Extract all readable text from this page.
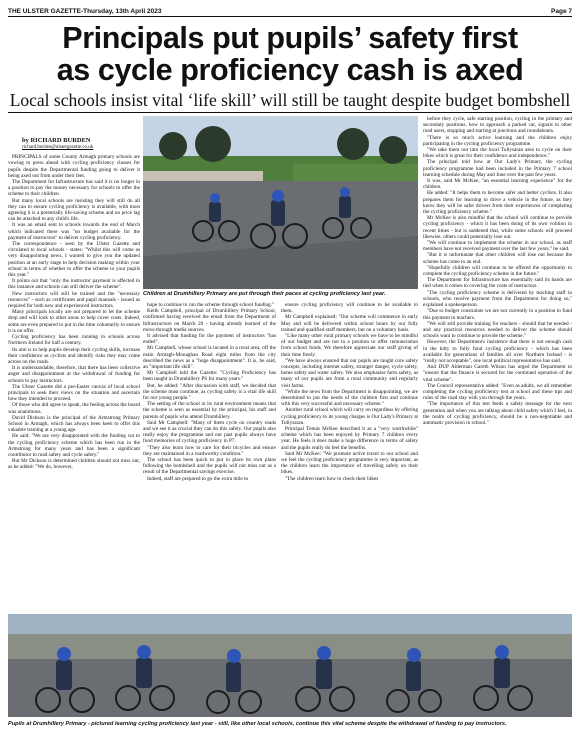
THE ULSTER GAZETTE-Thursday, 13th April 2023	Page 7
Principals put pupils’ safety first
as cycle proficiency cash is axed
Local schools insist vital ‘life skill’ will still be taught despite budget bombshell

by RICHARD BURDEN

richard.burden@ulstergazette.co.uk

PRINCIPALS of some County Armagh primary schools are vowing to press ahead with cycling proficiency classes for pupils despite the Departmental funding going to deliver it being axed out from under their feet.

The Department for Infrastructure has said it is no longer in a position to pay the money necessary for schools to offer the scheme to their children.

But many local schools are insisting they will still do all they can to ensure cycling proficiency is available, with most agreeing it is a potentially life-saving scheme and no price tag can be attached to any child's life.

It was an email sent to schools towards the end of March which indicated there was "no budget available for the payment of instructors" to deliver cycling proficiency.

The correspondence - seen by the Ulster Gazette and circulated to local schools - states: "Whilst this will come as very disappointing news, I wanted to give you the updated position at an early stage to help decision making within your school in terms of whether to offer the scheme to your pupils this year."

It points out that "only the instructor payment is affected in this instance and schools can still deliver the scheme".

New instructors will still be trained and the "necessary resources" - such as certificates and pupil manuals - issued as required for both new and experienced instructors.

Many principals locally are not prepared to let the scheme drop and will look to other areas to help cover costs. Indeed, some are even prepared to put in the time voluntarily to ensure it is on offer.

Cycling proficiency has been running in schools across Northern Ireland for half a century.

Its aim is to help pupils develop their cycling skills, increase their confidence as cyclists and identify risks they may come across on the roads.

It is understandable, therefore, that there has been collective anger and disappointment at the withdrawal of funding for schools to pay instructors.

The Ulster Gazette did a pre-Easter canvas of local school principals to seek their views on the situation and ascertain how they intended to proceed.

Of those who did agree to speak, the feeling across the board was unanimous.

David Dickson is the principal of the Armstrong Primary School in Armagh, which has always been keen to offer this valuable training at a young age.

He said: "We are very disappointed with the funding cut to the cycling proficiency scheme which has been run in the Armstrong for many years and has been a significant contributor to road safety and cycle safety."

But Mr Dickson is determined children should not miss out, as he added: "We do, however,

Children at Drumhillery Primary are put through their paces at cycling proficiency last year.

hope to continue to run the scheme through school funding."

Keith Campbell, principal of Drumhillery Primary School, confirmed having received the email from the Department of Infrastructure on March 20 - having already learned of the move through media sources.

It advised that funding for the payment of instructors "has ended".

Mr Campbell, whose school is located in a rural area, off the main Armagh-Monaghan Road eight miles from the city described the news as a "huge disappointment". It is, he said, an "important life skill".

Mr Campbell told the Gazette: "Cycling Proficiency has been taught in Drumhillery PS for many years."

But, he added: "After discussion with staff, we decided that the scheme must continue, as cycling safety is a vital life skill for our young people."

The setting of the school in its rural environment means that the scheme is seen as essential by the principal, his staff and parents of pupils who attend Drumhillery.

Said Mr Campbell: "Many of them cycle on country roads and we see it as crucial they can do this safely. Our pupils also really enjoy the programme and our past pupils always have fond memories of cycling proficiency in P7.

"They also learn how to care for their bicycles and ensure they are maintained in a roadworthy condition."

The school has been quick to put in place its own plans following the bombshell and the pupils will not miss out as a result of the Departmental savings exercise.

Indeed, staff are prepared to go the extra mile to

ensure cycling proficiency will continue to be available to them.

Mr Campbell explained: "Our scheme will commence in early May and will be delivered within school hours by our fully trained and qualified staff members, but on a voluntary basis.

"Like many other rural primary schools we have to be mindful of our budget and are not in a position to offer remuneration from school funds. We therefore appreciate our staff giving of their time freely.

"We have always ensured that our pupils are taught core safety concepts, including internet safety, stranger danger, cycle safety, home safety and water safety. We also emphasise farm safety, as many of our pupils are from a rural community and regularly visit farms.

"While the news from the Department is disappointing, we are determined to put the needs of the children first and continue with this very successful and necessary scheme."

Another rural school which will carry on regardless by offering cycling proficiency to its young charges is Our Lady's Primary at Tullysaran.

Principal Tomás McKee described it as a "very worthwhile" scheme which has been enjoyed by Primary 7 children every year. He feels it does make a huge difference in terms of safety and the pupils really do feel the benefits.

Said Mr McKee: "We promote active travel to our school and we feel the cycling proficiency programme is very important, as the children learn the importance of travelling safely on their bikes.

"The children learn how to check their bikes

before they cycle, safe starting position, cycling in the primary and secondary positions, how to approach a parked car, signals to other road users, stopping and starting at junctions and roundabouts.

"There is so much active learning and the children enjoy participating in the cycling proficiency programme.

"We take them out into the local Tullysaran area to cycle on their bikes which is great for their confidence and independence."

The principal told how at Our Lady's Primary, the cycling proficiency programme had been included in the Primary 7 school learning schedule during May and June over the past few years.

It was, said Mr McKee, "an essential learning experience" for the children.

He added: "It helps them to become safer and better cyclists. It also prepares them for learning to drive a vehicle in the future, as they know they will be safer drivers from their experiences of completing the cycling proficiency scheme."

Mr McKee is also mindful that the school will continue to provide cycling proficiency - which it has been doing of its own volition in recent times - but is saddened that, while some schools will proceed likewise, others could potentially lose out.

"We will continue to implement the scheme in our school, as staff members have not received payment over the last few years," he said.

"But it is unfortunate that other children will lose out because the scheme has come to an end.

"Hopefully children will continue to be offered the opportunity to complete the cycling proficiency scheme in the future."

The Department for Infrastructure has essentially said its hands are tied when it comes to covering the costs of instructors.

"The cycling proficiency scheme is delivered by teaching staff in schools, who receive payment from the Department for doing so," explained a spokesperson.

"Due to budget constraints we are not currently in a position to fund this payment to teachers.

"We will still provide training for teachers - should that be needed - and any practical resources needed to deliver the scheme should schools want to continue to provide the scheme."

However, the Department's insistence that there is not enough cash in the kitty to fully fund cycling proficiency - which has been available for generations of families all over Northern Ireland - is "really not acceptable", one local political representative has said.

And DUP Alderman Gareth Wilson has urged the Department to "ensure that the finance is secured for the continued operation of the vital scheme".

The Council representative added: "Even as adults, we all remember completing the cycling proficiency test at school and these tips and rules of the road stay with you through the years.

"The importance of this test feeds a safety message for the next generation and when you are talking about child safety which I feel, in the realm of cycling proficiency, should be a non-negotiable and automatic provision in school."

Pupils at Drumhillery Primary - pictured learning cycling proficiency last year - still, like other local schools, continue this vital scheme despite the withdrawal of funding to pay instructors.
